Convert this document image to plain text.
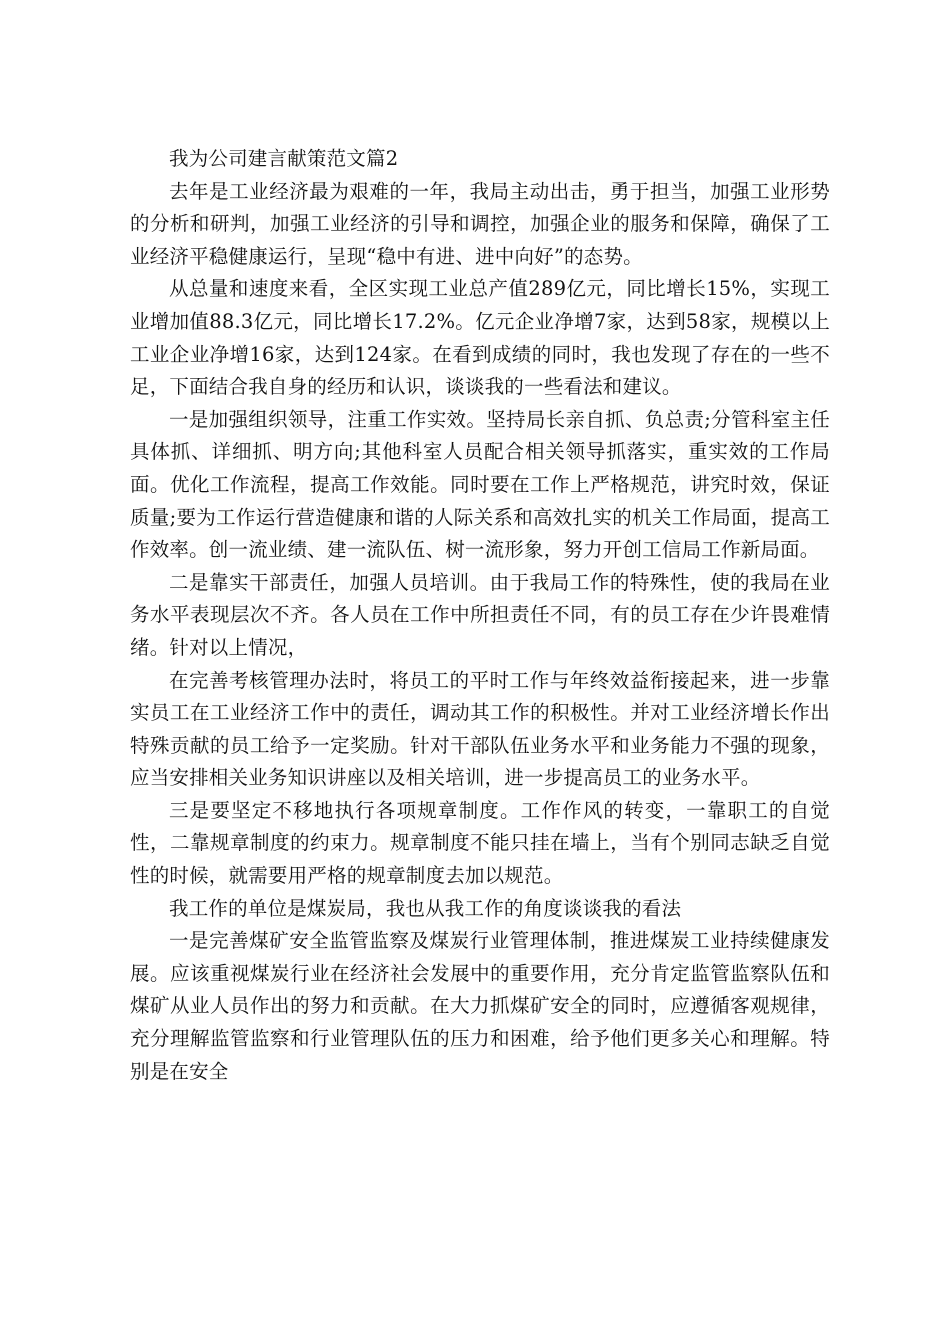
我为公司建言献策范文篇2

去年是工业经济最为艰难的一年，我局主动出击，勇于担当，加强工业形势的分析和研判，加强工业经济的引导和调控，加强企业的服务和保障，确保了工业经济平稳健康运行，呈现“稳中有进、进中向好”的态势。

从总量和速度来看，全区实现工业总产值289亿元，同比增长15%，实现工业增加值88.3亿元，同比增长17.2%。亿元企业净增7家，达到58家，规模以上工业企业净增16家，达到124家。在看到成绩的同时，我也发现了存在的一些不足，下面结合我自身的经历和认识，谈谈我的一些看法和建议。

一是加强组织领导，注重工作实效。坚持局长亲自抓、负总责;分管科室主任具体抓、详细抓、明方向;其他科室人员配合相关领导抓落实，重实效的工作局面。优化工作流程，提高工作效能。同时要在工作上严格规范，讲究时效，保证质量;要为工作运行营造健康和谐的人际关系和高效扎实的机关工作局面，提高工作效率。创一流业绩、建一流队伍、树一流形象，努力开创工信局工作新局面。

二是靠实干部责任，加强人员培训。由于我局工作的特殊性，使的我局在业务水平表现层次不齐。各人员在工作中所担责任不同，有的员工存在少许畏难情绪。针对以上情况，

在完善考核管理办法时，将员工的平时工作与年终效益衔接起来，进一步靠实员工在工业经济工作中的责任，调动其工作的积极性。并对工业经济增长作出特殊贡献的员工给予一定奖励。针对干部队伍业务水平和业务能力不强的现象，应当安排相关业务知识讲座以及相关培训，进一步提高员工的业务水平。

三是要坚定不移地执行各项规章制度。工作作风的转变，一靠职工的自觉性，二靠规章制度的约束力。规章制度不能只挂在墙上，当有个别同志缺乏自觉性的时候，就需要用严格的规章制度去加以规范。

我工作的单位是煤炭局，我也从我工作的角度谈谈我的看法

一是完善煤矿安全监管监察及煤炭行业管理体制，推进煤炭工业持续健康发展。应该重视煤炭行业在经济社会发展中的重要作用，充分肯定监管监察队伍和煤矿从业人员作出的努力和贡献。在大力抓煤矿安全的同时，应遵循客观规律，充分理解监管监察和行业管理队伍的压力和困难，给予他们更多关心和理解。特别是在安全
